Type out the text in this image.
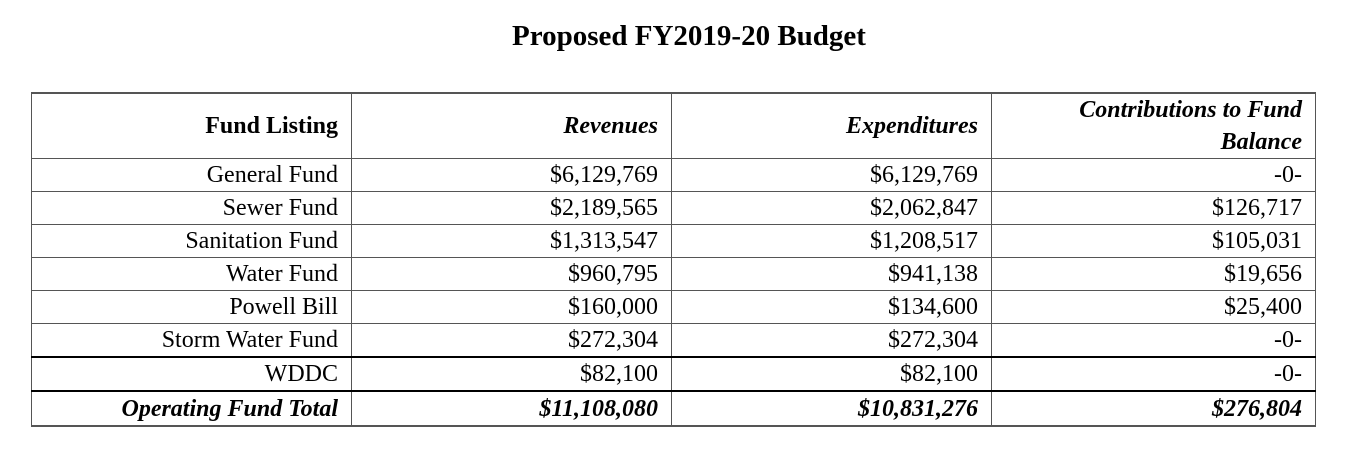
Proposed FY2019-20 Budget
Fund Listing	Revenues	Expenditures	Contributions to Fund Balance
General Fund	$6,129,769	$6,129,769	-0-
Sewer Fund	$2,189,565	$2,062,847	$126,717
Sanitation Fund	$1,313,547	$1,208,517	$105,031
Water Fund	$960,795	$941,138	$19,656
Powell Bill	$160,000	$134,600	$25,400
Storm Water Fund	$272,304	$272,304	-0-
WDDC	$82,100	$82,100	-0-
Operating Fund Total	$11,108,080	$10,831,276	$276,804
